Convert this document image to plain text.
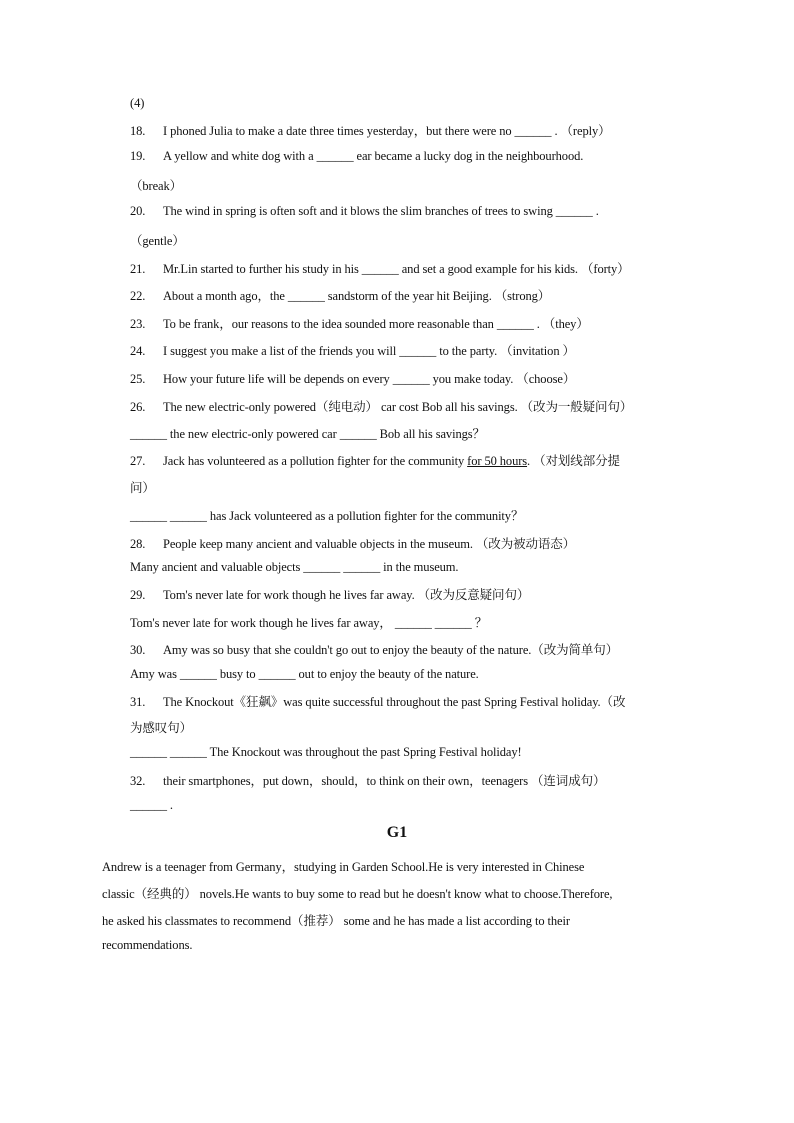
(4)
18. I phoned Julia to make a date three times yesterday，but there were no ______ . （reply）
19. A yellow and white dog with a ______ ear became a lucky dog in the neighbourhood.
（break）
20. The wind in spring is often soft and it blows the slim branches of trees to swing ______ .
（gentle）
21. Mr.Lin started to further his study in his ______ and set a good example for his kids. （forty）
22. About a month ago，the ______ sandstorm of the year hit Beijing. （strong）
23. To be frank，our reasons to the idea sounded more reasonable than ______ . （they）
24. I suggest you make a list of the friends you will ______ to the party. （invitation ）
25. How your future life will be depends on every ______ you make today. （choose）
26. The new electric-only powered（纯电动） car cost Bob all his savings. （改为一般疑问句）
______ the new electric-only powered car ______ Bob all his savings？
27. Jack has volunteered as a pollution fighter for the community for 50 hours. （对划线部分提
问）
______ ______ has Jack volunteered as a pollution fighter for the community？
28. People keep many ancient and valuable objects in the museum. （改为被动语态）
Many ancient and valuable objects ______ ______ in the museum.
29. Tom's never late for work though he lives far away. （改为反意疑问句）
Tom's never late for work though he lives far away， ______ ______ ？
30. Amy was so busy that she couldn't go out to enjoy the beauty of the nature.（改为简单句）
Amy was ______ busy to ______ out to enjoy the beauty of the nature.
31. The Knockout《狂飙》was quite successful throughout the past Spring Festival holiday.（改
为感叹句）
______ ______ The Knockout was throughout the past Spring Festival holiday!
32. their smartphones，put down，should，to think on their own，teenagers （连词成句）
______ .
G1
Andrew is a teenager from Germany，studying in Garden School.He is very interested in Chinese
classic（经典的） novels.He wants to buy some to read but he doesn't know what to choose.Therefore,
he asked his classmates to recommend（推荐） some and he has made a list according to their
recommendations.
